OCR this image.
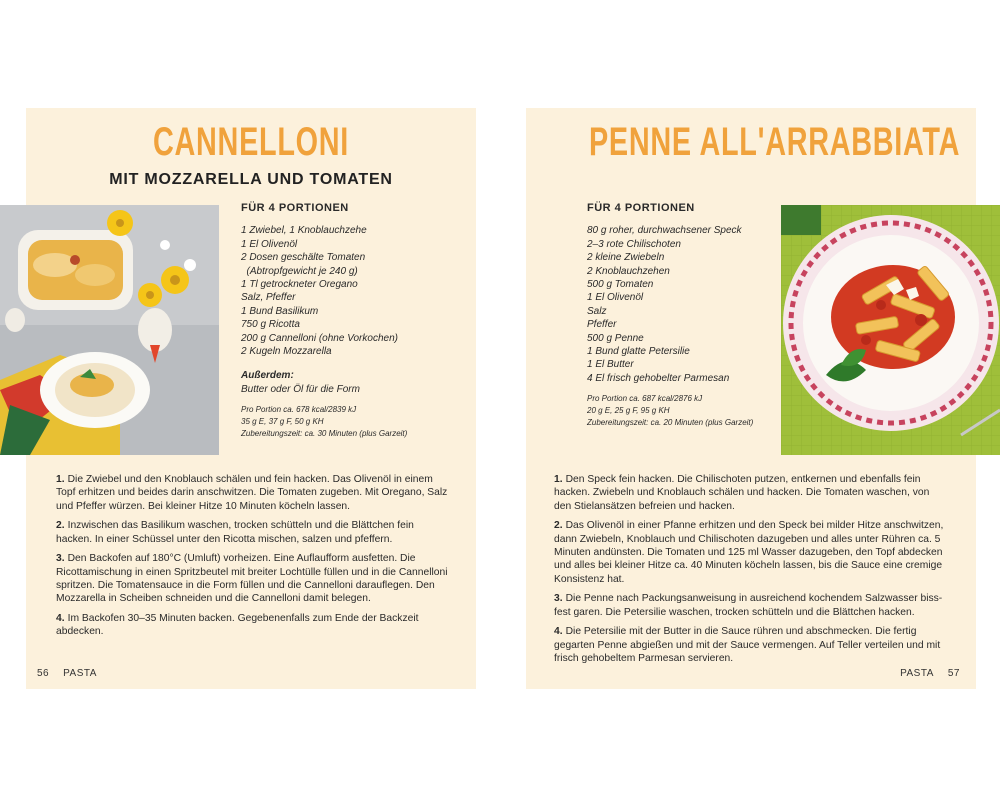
CANNELLONI
MIT MOZZARELLA UND TOMATEN
FÜR 4 PORTIONEN
1 Zwiebel, 1 Knoblauchzehe
1 El Olivenöl
2 Dosen geschälte Tomaten
(Abtropfgewicht je 240 g)
1 Tl getrockneter Oregano
Salz, Pfeffer
1 Bund Basilikum
750 g Ricotta
200 g Cannelloni (ohne Vorkochen)
2 Kugeln Mozzarella
Außerdem:
Butter oder Öl für die Form
Pro Portion ca. 678 kcal/2839 kJ
35 g E, 37 g F, 50 g KH
Zubereitungszeit: ca. 30 Minuten (plus Garzeit)

1. Die Zwiebel und den Knoblauch schälen und fein hacken. Das Olivenöl in einem Topf erhitzen und beides darin anschwitzen. Die Tomaten zugeben. Mit Oregano, Salz und Pfeffer würzen. Bei kleiner Hitze 10 Minuten köcheln lassen.

2. Inzwischen das Basilikum waschen, trocken schütteln und die Blättchen fein hacken. In einer Schüssel unter den Ricotta mischen, salzen und pfeffern.

3. Den Backofen auf 180°C (Umluft) vorheizen. Eine Auflaufform ausfetten. Die Ricottamischung in einen Spritzbeutel mit breiter Lochtülle füllen und in die Cannelloni spritzen. Die Tomatensauce in die Form füllen und die Cannelloni darauflegen. Den Mozzarella in Scheiben schneiden und die Cannelloni damit belegen.

4. Im Backofen 30–35 Minuten backen. Gegebenenfalls zum Ende der Backzeit abdecken.

56 PASTA
PENNE ALL'ARRABBIATA
FÜR 4 PORTIONEN
80 g roher, durchwachsener Speck
2–3 rote Chilischoten
2 kleine Zwiebeln
2 Knoblauchzehen
500 g Tomaten
1 El Olivenöl
Salz
Pfeffer
500 g Penne
1 Bund glatte Petersilie
1 El Butter
4 El frisch gehobelter Parmesan
Pro Portion ca. 687 kcal/2876 kJ
20 g E, 25 g F, 95 g KH
Zubereitungszeit: ca. 20 Minuten (plus Garzeit)

1. Den Speck fein hacken. Die Chilischoten putzen, entkernen und ebenfalls fein hacken. Zwiebeln und Knoblauch schälen und hacken. Die Tomaten waschen, von den Stielansätzen befreien und hacken.

2. Das Olivenöl in einer Pfanne erhitzen und den Speck bei milder Hitze anschwitzen, dann Zwiebeln, Knoblauch und Chilischoten dazugeben und alles unter Rühren ca. 5 Minuten andünsten. Die Tomaten und 125 ml Wasser dazugeben, den Topf abdecken und alles bei kleiner Hitze ca. 40 Minuten köcheln lassen, bis die Sauce eine cremige Konsistenz hat.

3. Die Penne nach Packungsanweisung in ausreichend kochendem Salzwasser biss-fest garen. Die Petersilie waschen, trocken schütteln und die Blättchen hacken.

4. Die Petersilie mit der Butter in die Sauce rühren und abschmecken. Die fertig gegarten Penne abgießen und mit der Sauce vermengen. Auf Teller verteilen und mit frisch gehobeltem Parmesan servieren.

PASTA 57
